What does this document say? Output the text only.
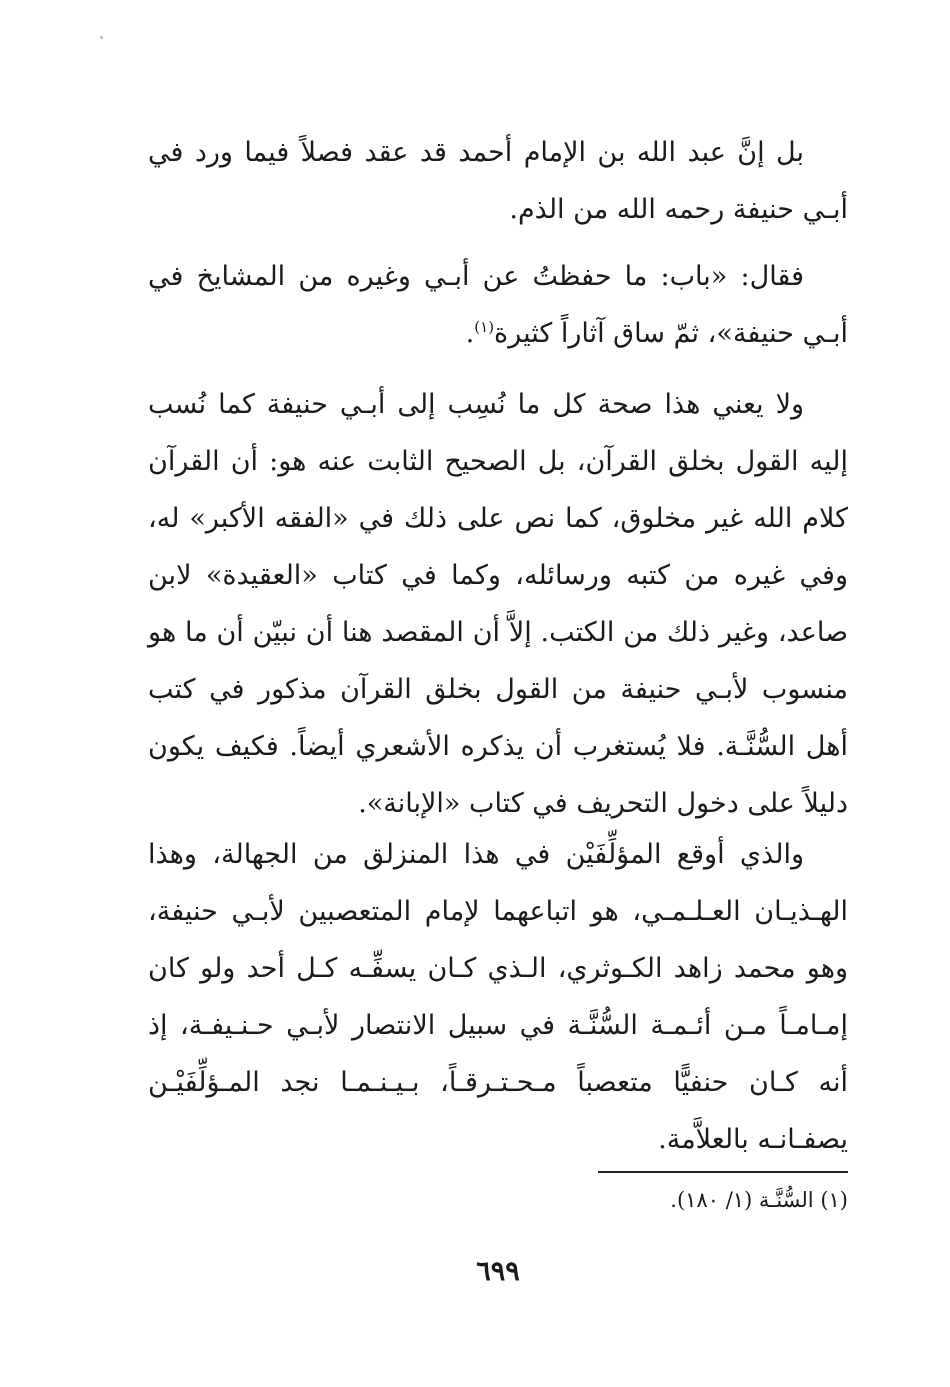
بل إنَّ عبد الله بن الإمام أحمد قد عقد فصلاً فيما ورد في أبـي حنيفة رحمه الله من الذم.

فقال: «باب: ما حفظتُ عن أبـي وغيره من المشايخ في أبـي حنيفة»، ثمّ ساق آثاراً كثيرة$^{(١)}$.

ولا يعني هذا صحة كل ما نُسِب إلى أبـي حنيفة كما نُسب إليه القول بخلق القرآن، بل الصحيح الثابت عنه هو: أن القرآن كلام الله غير مخلوق، كما نص على ذلك في «الفقه الأكبر» له، وفي غيره من كتبه ورسائله، وكما في كتاب «العقيدة» لابن صاعد، وغير ذلك من الكتب. إلاَّ أن المقصد هنا أن نبيّن أن ما هو منسوب لأبـي حنيفة من القول بخلق القرآن مذكور في كتب أهل السُّنَّـة. فلا يُستغرب أن يذكره الأشعري أيضاً. فكيف يكون دليلاً على دخول التحريف في كتاب «الإبانة».

والذي أوقع المؤلِّفَيْن في هذا المنزلق من الجهالة، وهذا الهـذيـان العـلـمـي، هو اتباعهما لإمام المتعصبين لأبـي حنيفة، وهو محمد زاهد الكـوثري، الـذي كـان يسفِّـه كـل أحد ولو كان إمـامـاً مـن أئـمـة السُّنَّـة في سبيل الانتصار لأبـي حـنـيفـة، إذ أنه كـان حنفيًّا متعصباً مـحـتـرقـاً، بـيـنـمـا نجد المـؤلِّفَيْـن يصفـانـه بالعلاَّمة.

(١) السُّنَّـة (١/ ١٨٠).

٦٩٩
